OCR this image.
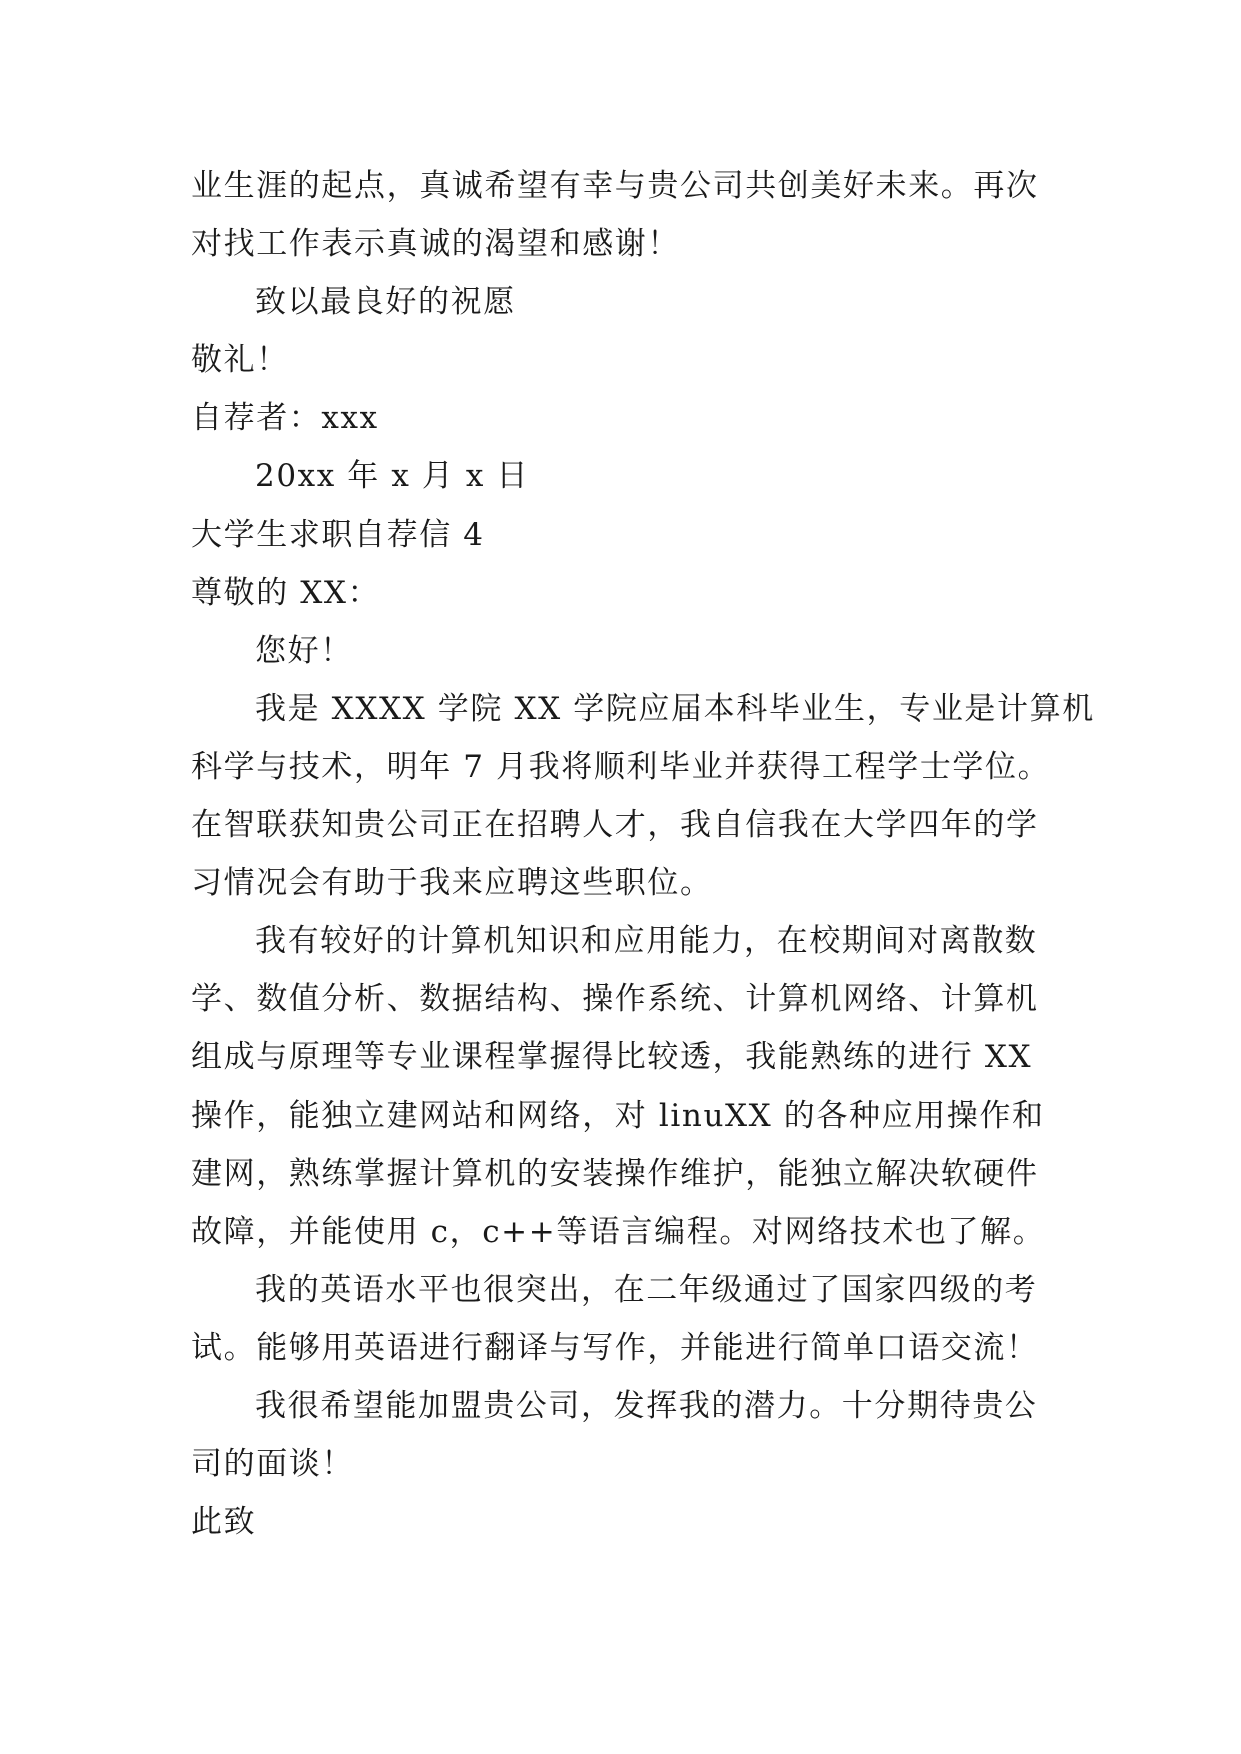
业生涯的起点，真诚希望有幸与贵公司共创美好未来。再次
对找工作表示真诚的渴望和感谢！
致以最良好的祝愿
敬礼！
自荐者：xxx
20xx 年 x 月 x 日
大学生求职自荐信 4
尊敬的 XX：
您好！
我是 XXXX 学院 XX 学院应届本科毕业生，专业是计算机
科学与技术，明年 7 月我将顺利毕业并获得工程学士学位。
在智联获知贵公司正在招聘人才，我自信我在大学四年的学
习情况会有助于我来应聘这些职位。
我有较好的计算机知识和应用能力，在校期间对离散数
学、数值分析、数据结构、操作系统、计算机网络、计算机
组成与原理等专业课程掌握得比较透，我能熟练的进行 XX
操作，能独立建网站和网络，对 linuXX 的各种应用操作和
建网，熟练掌握计算机的安装操作维护，能独立解决软硬件
故障，并能使用 c，c++等语言编程。对网络技术也了解。
我的英语水平也很突出，在二年级通过了国家四级的考
试。能够用英语进行翻译与写作，并能进行简单口语交流！
我很希望能加盟贵公司，发挥我的潜力。十分期待贵公
司的面谈！
此致
